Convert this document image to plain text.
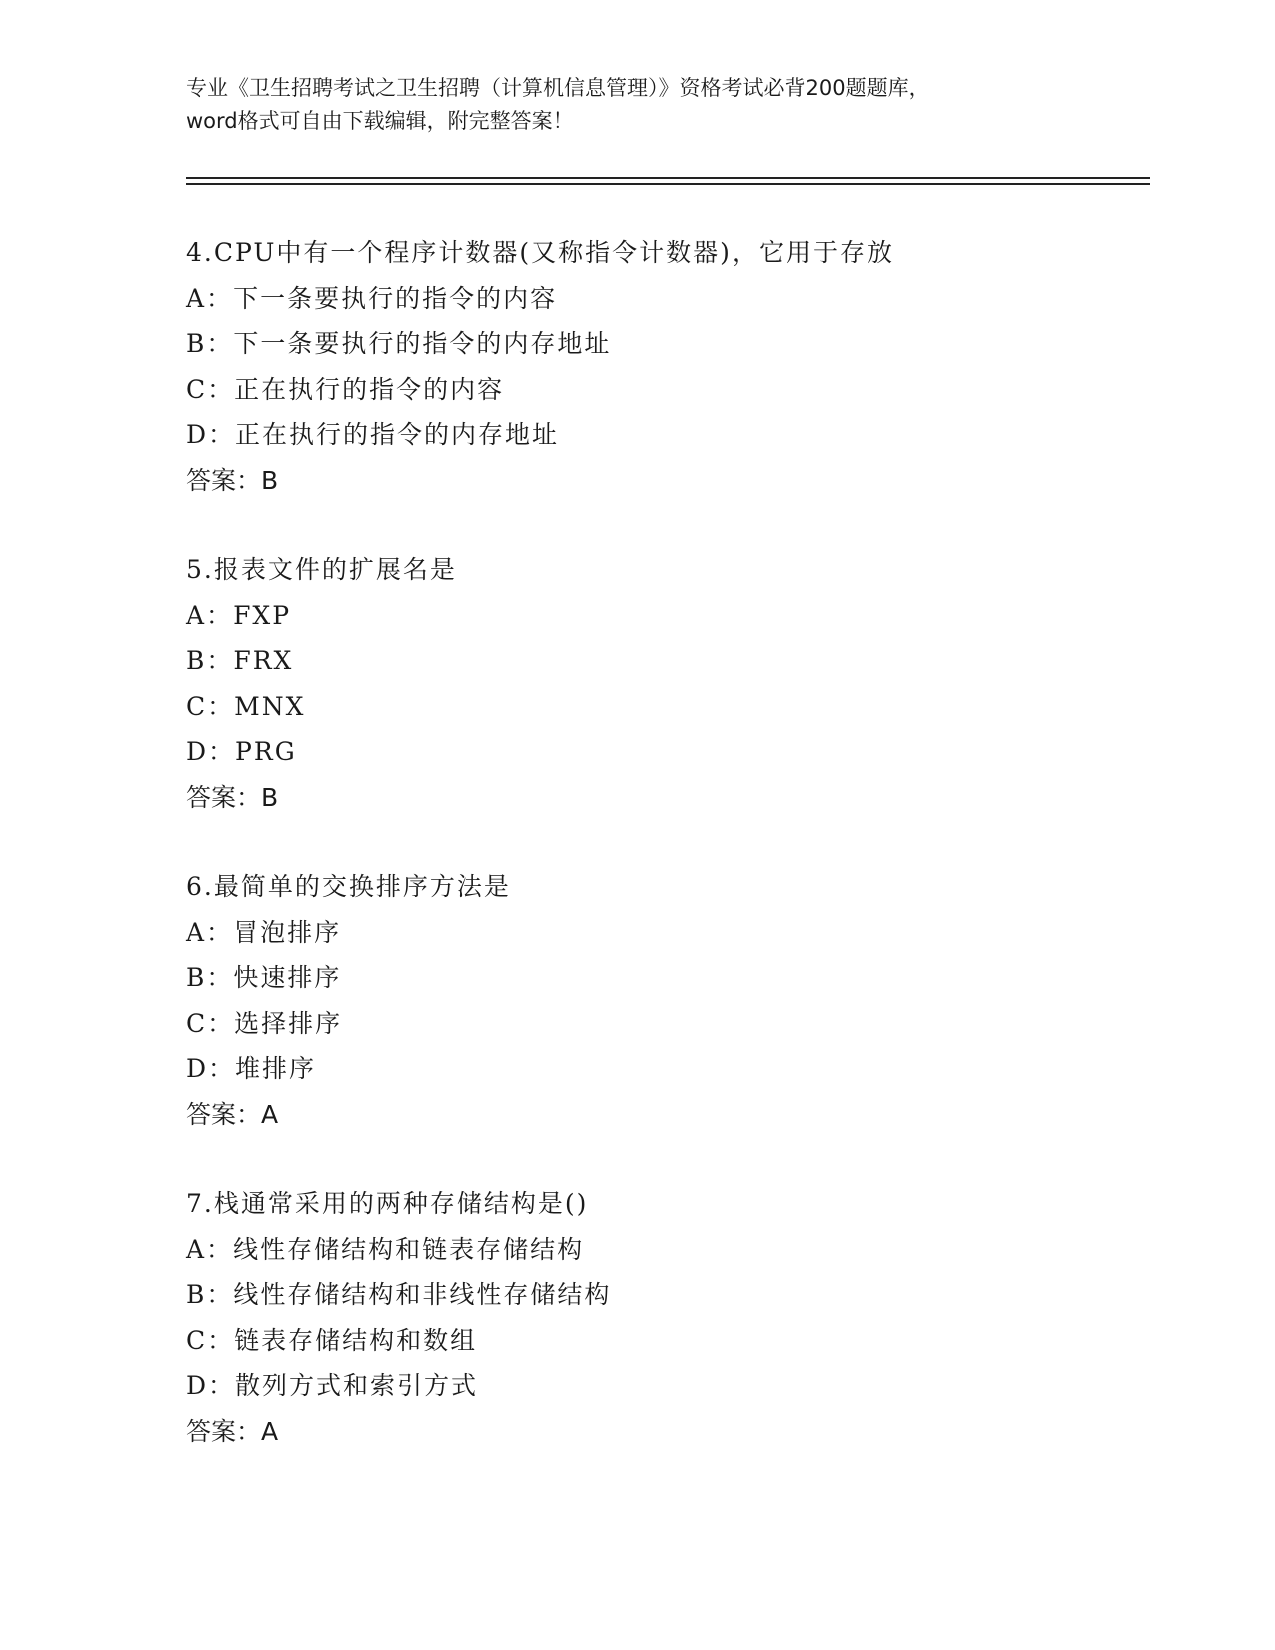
专业《卫生招聘考试之卫生招聘（计算机信息管理）》资格考试必背200题题库，
word格式可自由下载编辑，附完整答案！
4.CPU中有一个程序计数器(又称指令计数器)，它用于存放
A：下一条要执行的指令的内容
B：下一条要执行的指令的内存地址
C：正在执行的指令的内容
D：正在执行的指令的内存地址
答案：B
5.报表文件的扩展名是
A：FXP
B：FRX
C：MNX
D：PRG
答案：B
6.最简单的交换排序方法是
A：冒泡排序
B：快速排序
C：选择排序
D：堆排序
答案：A
7.栈通常采用的两种存储结构是()
A：线性存储结构和链表存储结构
B：线性存储结构和非线性存储结构
C：链表存储结构和数组
D：散列方式和索引方式
答案：A
